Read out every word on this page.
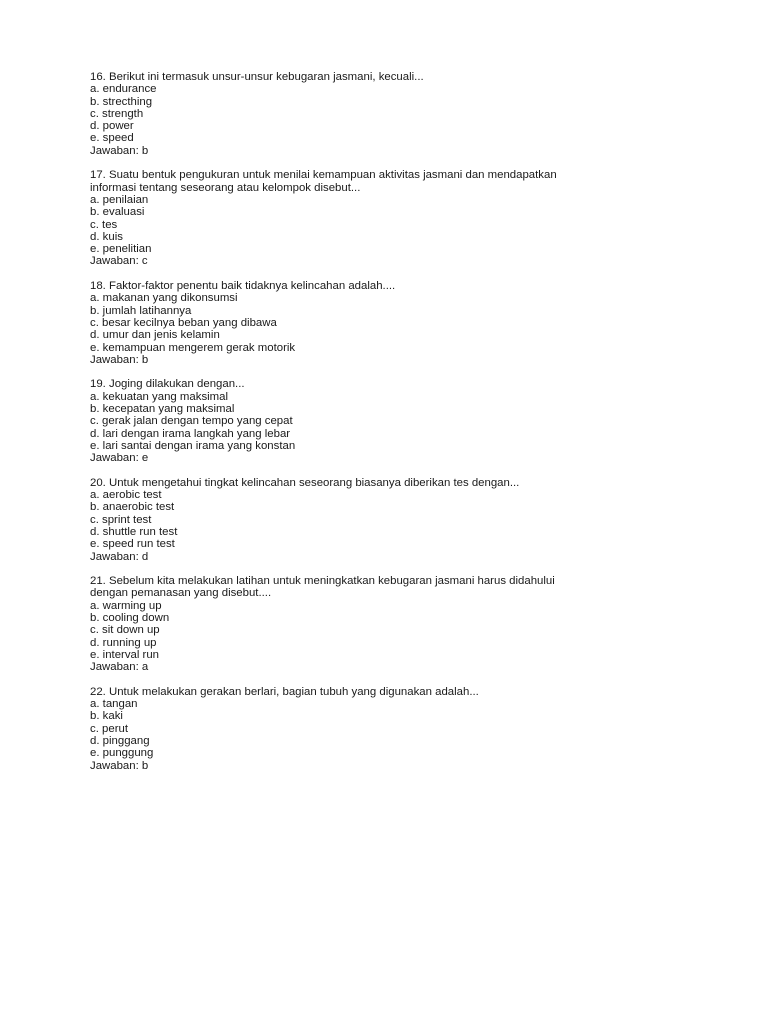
16. Berikut ini termasuk unsur-unsur kebugaran jasmani, kecuali...
a. endurance
b. strecthing
c. strength
d. power
e. speed
Jawaban: b
17. Suatu bentuk pengukuran untuk menilai kemampuan aktivitas jasmani dan mendapatkan
informasi tentang seseorang atau kelompok disebut...
a. penilaian
b. evaluasi
c. tes
d. kuis
e. penelitian
Jawaban: c
18. Faktor-faktor penentu baik tidaknya kelincahan adalah....
a. makanan yang dikonsumsi
b. jumlah latihannya
c. besar kecilnya beban yang dibawa
d. umur dan jenis kelamin
e. kemampuan mengerem gerak motorik
Jawaban: b
19. Joging dilakukan dengan...
a. kekuatan yang maksimal
b. kecepatan yang maksimal
c. gerak jalan dengan tempo yang cepat
d. lari dengan irama langkah yang lebar
e. lari santai dengan irama yang konstan
Jawaban: e
20. Untuk mengetahui tingkat kelincahan seseorang biasanya diberikan tes dengan...
a. aerobic test
b. anaerobic test
c. sprint test
d. shuttle run test
e. speed run test
Jawaban: d
21. Sebelum kita melakukan latihan untuk meningkatkan kebugaran jasmani harus didahului
dengan pemanasan yang disebut....
a. warming up
b. cooling down
c. sit down up
d. running up
e. interval run
Jawaban: a
22. Untuk melakukan gerakan berlari, bagian tubuh yang digunakan adalah...
a. tangan
b. kaki
c. perut
d. pinggang
e. punggung
Jawaban: b
